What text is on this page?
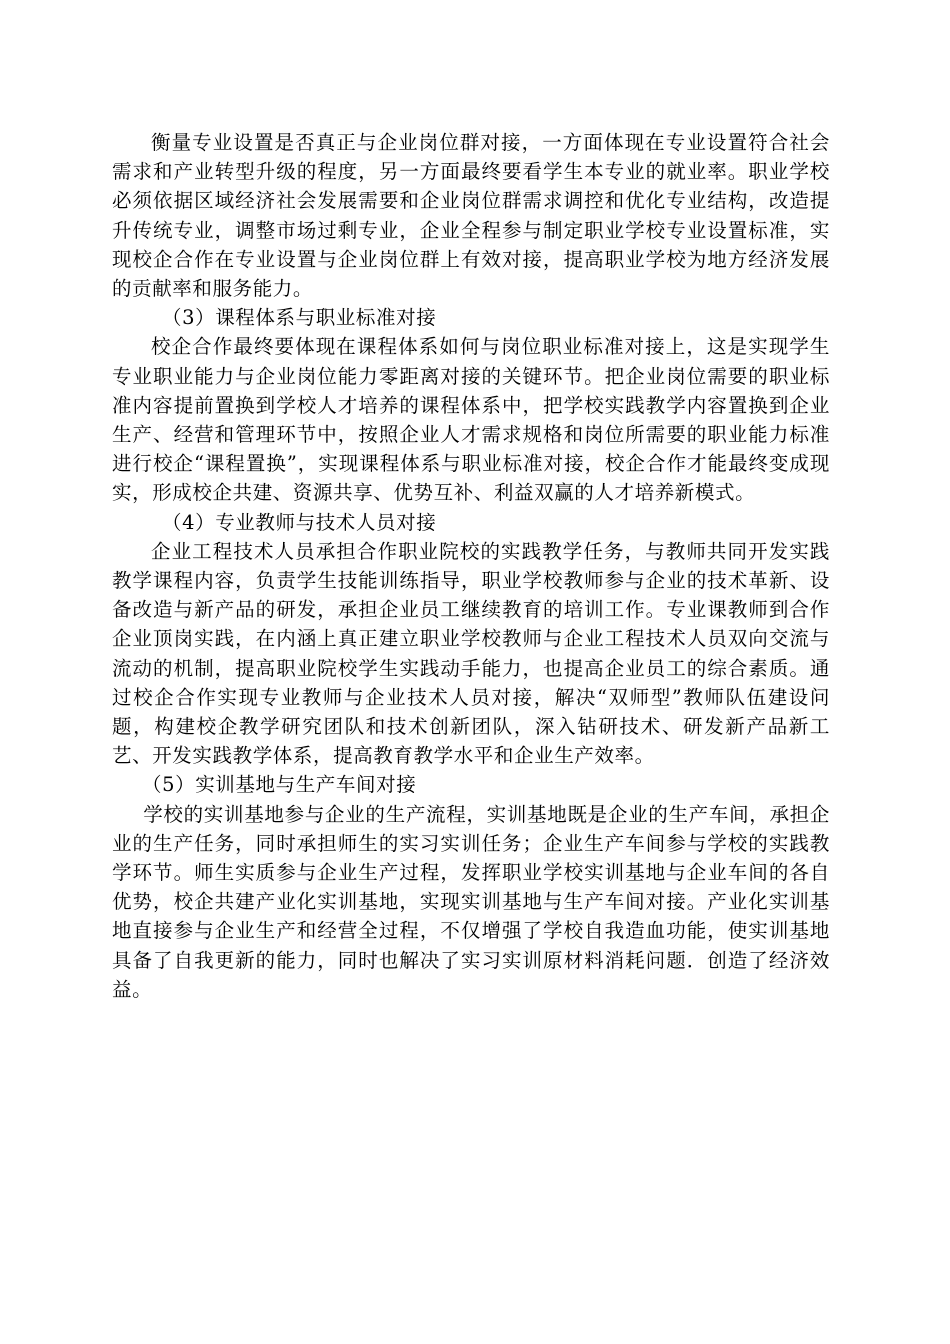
衡量专业设置是否真正与企业岗位群对接，一方面体现在专业设置符合社会需求和产业转型升级的程度，另一方面最终要看学生本专业的就业率。职业学校必须依据区域经济社会发展需要和企业岗位群需求调控和优化专业结构，改造提升传统专业，调整市场过剩专业，企业全程参与制定职业学校专业设置标准，实现校企合作在专业设置与企业岗位群上有效对接，提高职业学校为地方经济发展的贡献率和服务能力。

（3）课程体系与职业标准对接

校企合作最终要体现在课程体系如何与岗位职业标准对接上，这是实现学生专业职业能力与企业岗位能力零距离对接的关键环节。把企业岗位需要的职业标准内容提前置换到学校人才培养的课程体系中，把学校实践教学内容置换到企业生产、经营和管理环节中，按照企业人才需求规格和岗位所需要的职业能力标准进行校企“课程置换”，实现课程体系与职业标准对接，校企合作才能最终变成现实，形成校企共建、资源共享、优势互补、利益双赢的人才培养新模式。

（4）专业教师与技术人员对接

企业工程技术人员承担合作职业院校的实践教学任务，与教师共同开发实践教学课程内容，负责学生技能训练指导，职业学校教师参与企业的技术革新、设备改造与新产品的研发，承担企业员工继续教育的培训工作。专业课教师到合作企业顶岗实践，在内涵上真正建立职业学校教师与企业工程技术人员双向交流与流动的机制，提高职业院校学生实践动手能力，也提高企业员工的综合素质。通过校企合作实现专业教师与企业技术人员对接，解决“双师型”教师队伍建设问题，构建校企教学研究团队和技术创新团队，深入钻研技术、研发新产品新工艺、开发实践教学体系，提高教育教学水平和企业生产效率。

（5）实训基地与生产车间对接

学校的实训基地参与企业的生产流程，实训基地既是企业的生产车间，承担企业的生产任务，同时承担师生的实习实训任务；企业生产车间参与学校的实践教学环节。师生实质参与企业生产过程，发挥职业学校实训基地与企业车间的各自优势，校企共建产业化实训基地，实现实训基地与生产车间对接。产业化实训基地直接参与企业生产和经营全过程，不仅增强了学校自我造血功能，使实训基地具备了自我更新的能力，同时也解决了实习实训原材料消耗问题．创造了经济效益。
